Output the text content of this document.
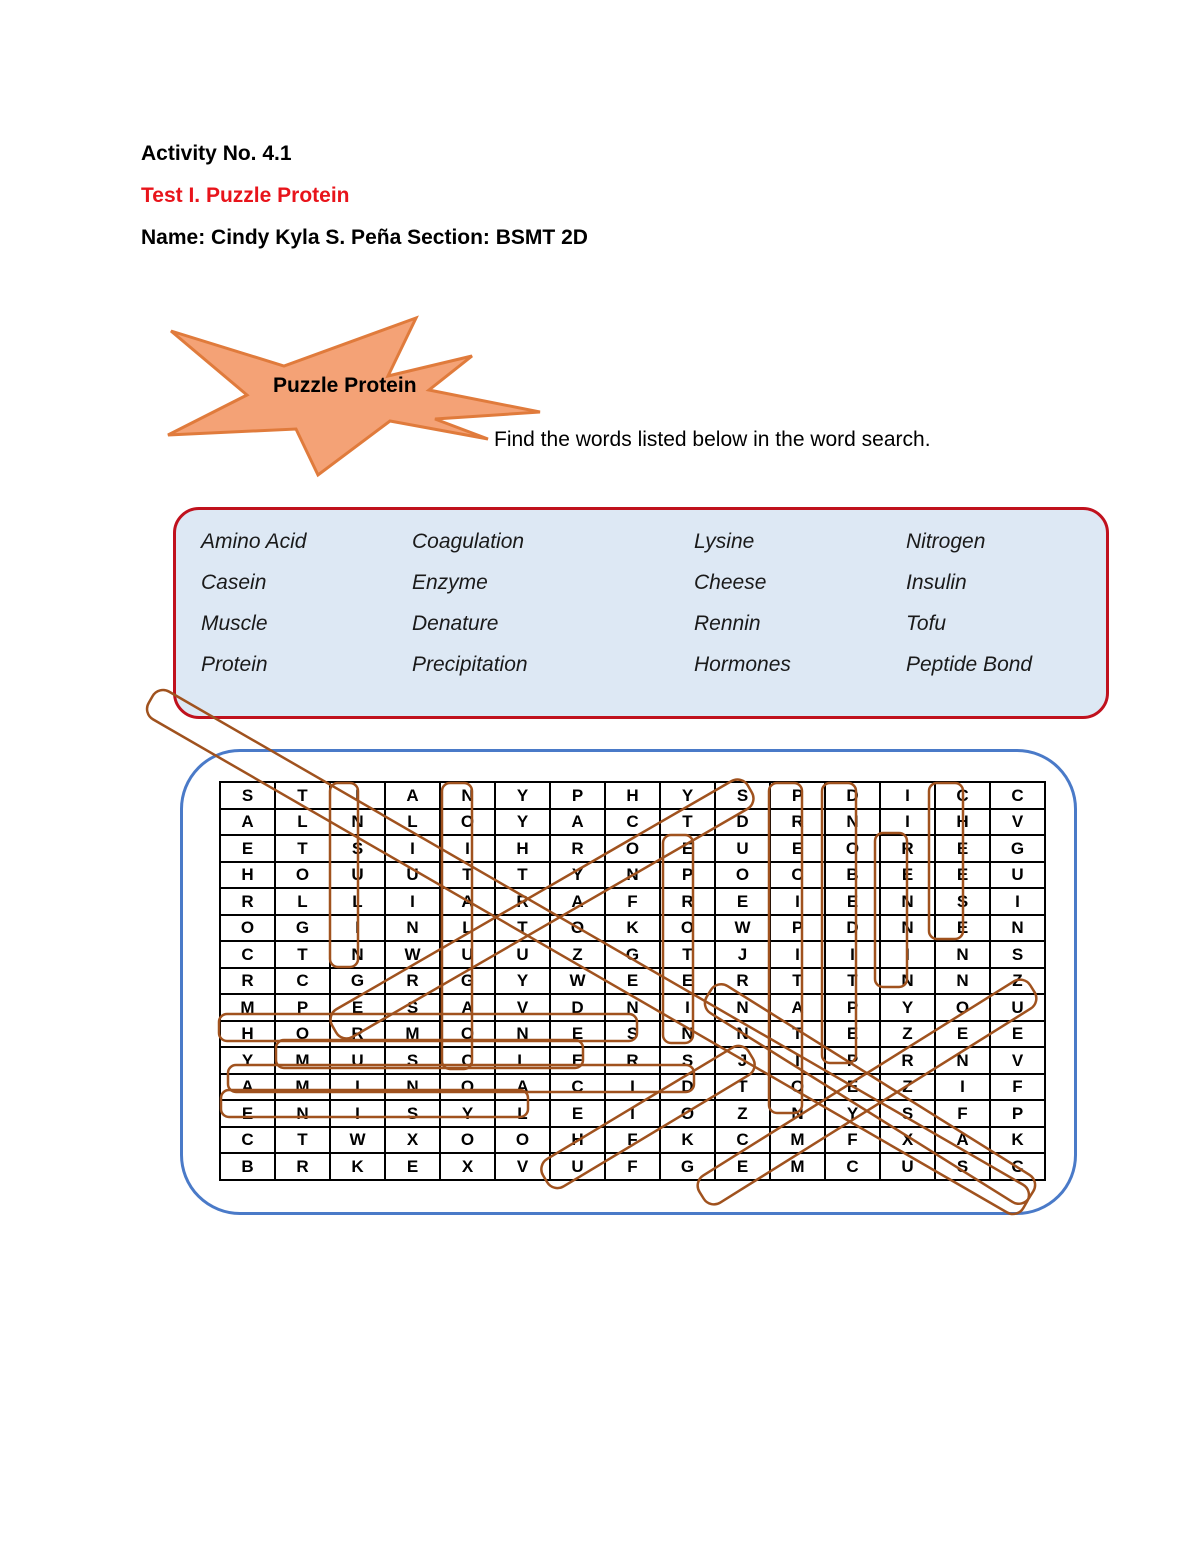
Activity No. 4.1
Test I. Puzzle Protein
Name: Cindy Kyla S. Peña Section: BSMT 2D
Puzzle Protein
Find the words listed below in the word search.
Amino Acid
Casein
Muscle
Protein
Coagulation
Enzyme
Denature
Precipitation
Lysine
Cheese
Rennin
Hormones
Nitrogen
Insulin
Tofu
Peptide Bond
S	T	I	A	N	Y	P	H	Y	S	P	D	I	C	C
A	L	N	L	O	Y	A	C	T	D	R	N	I	H	V
E	T	S	I	I	H	R	O	E	U	E	O	R	E	G
H	O	U	U	T	T	Y	N	P	O	C	B	E	E	U
R	L	L	I	A	R	A	F	R	E	I	E	N	S	I
O	G	I	N	L	T	O	K	O	W	P	D	N	E	N
C	T	N	W	U	U	Z	G	T	J	I	I	I	N	S
R	C	G	R	G	Y	W	E	E	R	T	T	N	N	Z
M	P	E	S	A	V	D	N	I	N	A	P	Y	O	U
H	O	R	M	O	N	E	S	N	N	T	E	Z	E	E
Y	M	U	S	C	L	E	R	S	J	I	P	R	N	V
A	M	I	N	O	A	C	I	D	T	O	E	Z	I	F
E	N	I	S	Y	L	E	I	O	Z	N	Y	S	F	P
C	T	W	X	O	O	H	F	K	C	M	F	X	A	K
B	R	K	E	X	V	U	F	G	E	M	C	U	S	C
